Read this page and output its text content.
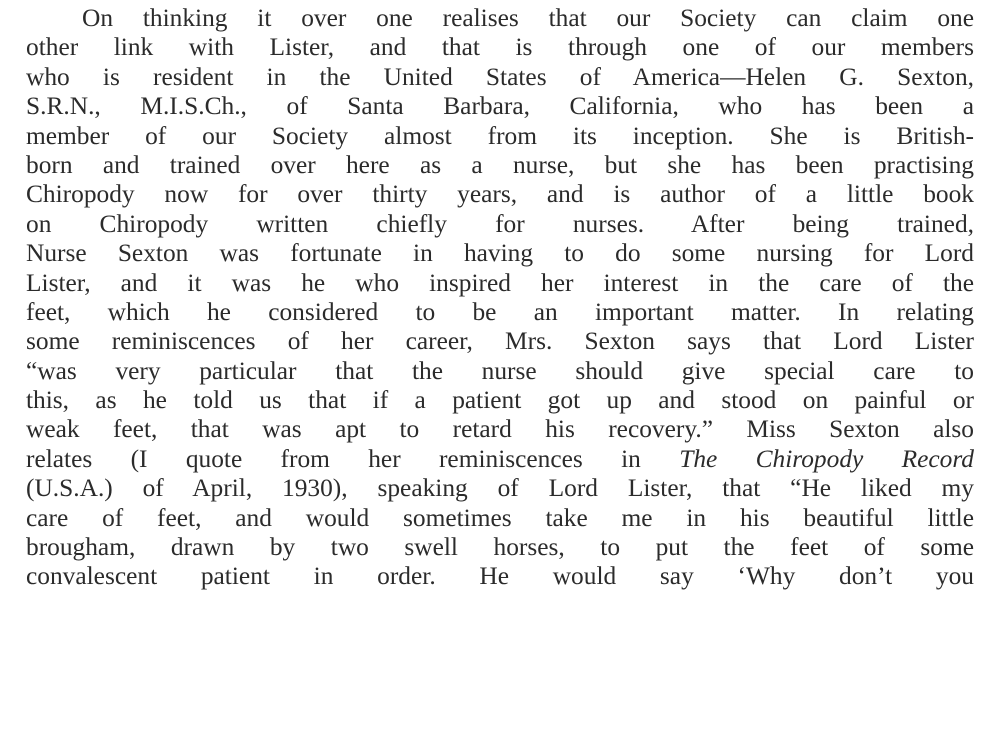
On thinking it over one realises that our Society can claim one
other link with Lister, and that is through one of our members
who is resident in the United States of America—Helen G. Sexton,
S.R.N., M.I.S.Ch., of Santa Barbara, California, who has been a
member of our Society almost from its inception. She is British-
born and trained over here as a nurse, but she has been practising
Chiropody now for over thirty years, and is author of a little book
on Chiropody written chiefly for nurses. After being trained,
Nurse Sexton was fortunate in having to do some nursing for Lord
Lister, and it was he who inspired her interest in the care of the
feet, which he considered to be an important matter. In relating
some reminiscences of her career, Mrs. Sexton says that Lord Lister
“was very particular that the nurse should give special care to
this, as he told us that if a patient got up and stood on painful or
weak feet, that was apt to retard his recovery.” Miss Sexton also
relates (I quote from her reminiscences in The Chiropody Record
(U.S.A.) of April, 1930), speaking of Lord Lister, that “He liked my
care of feet, and would sometimes take me in his beautiful little
brougham, drawn by two swell horses, to put the feet of some
convalescent patient in order. He would say ‘Why don’t you
